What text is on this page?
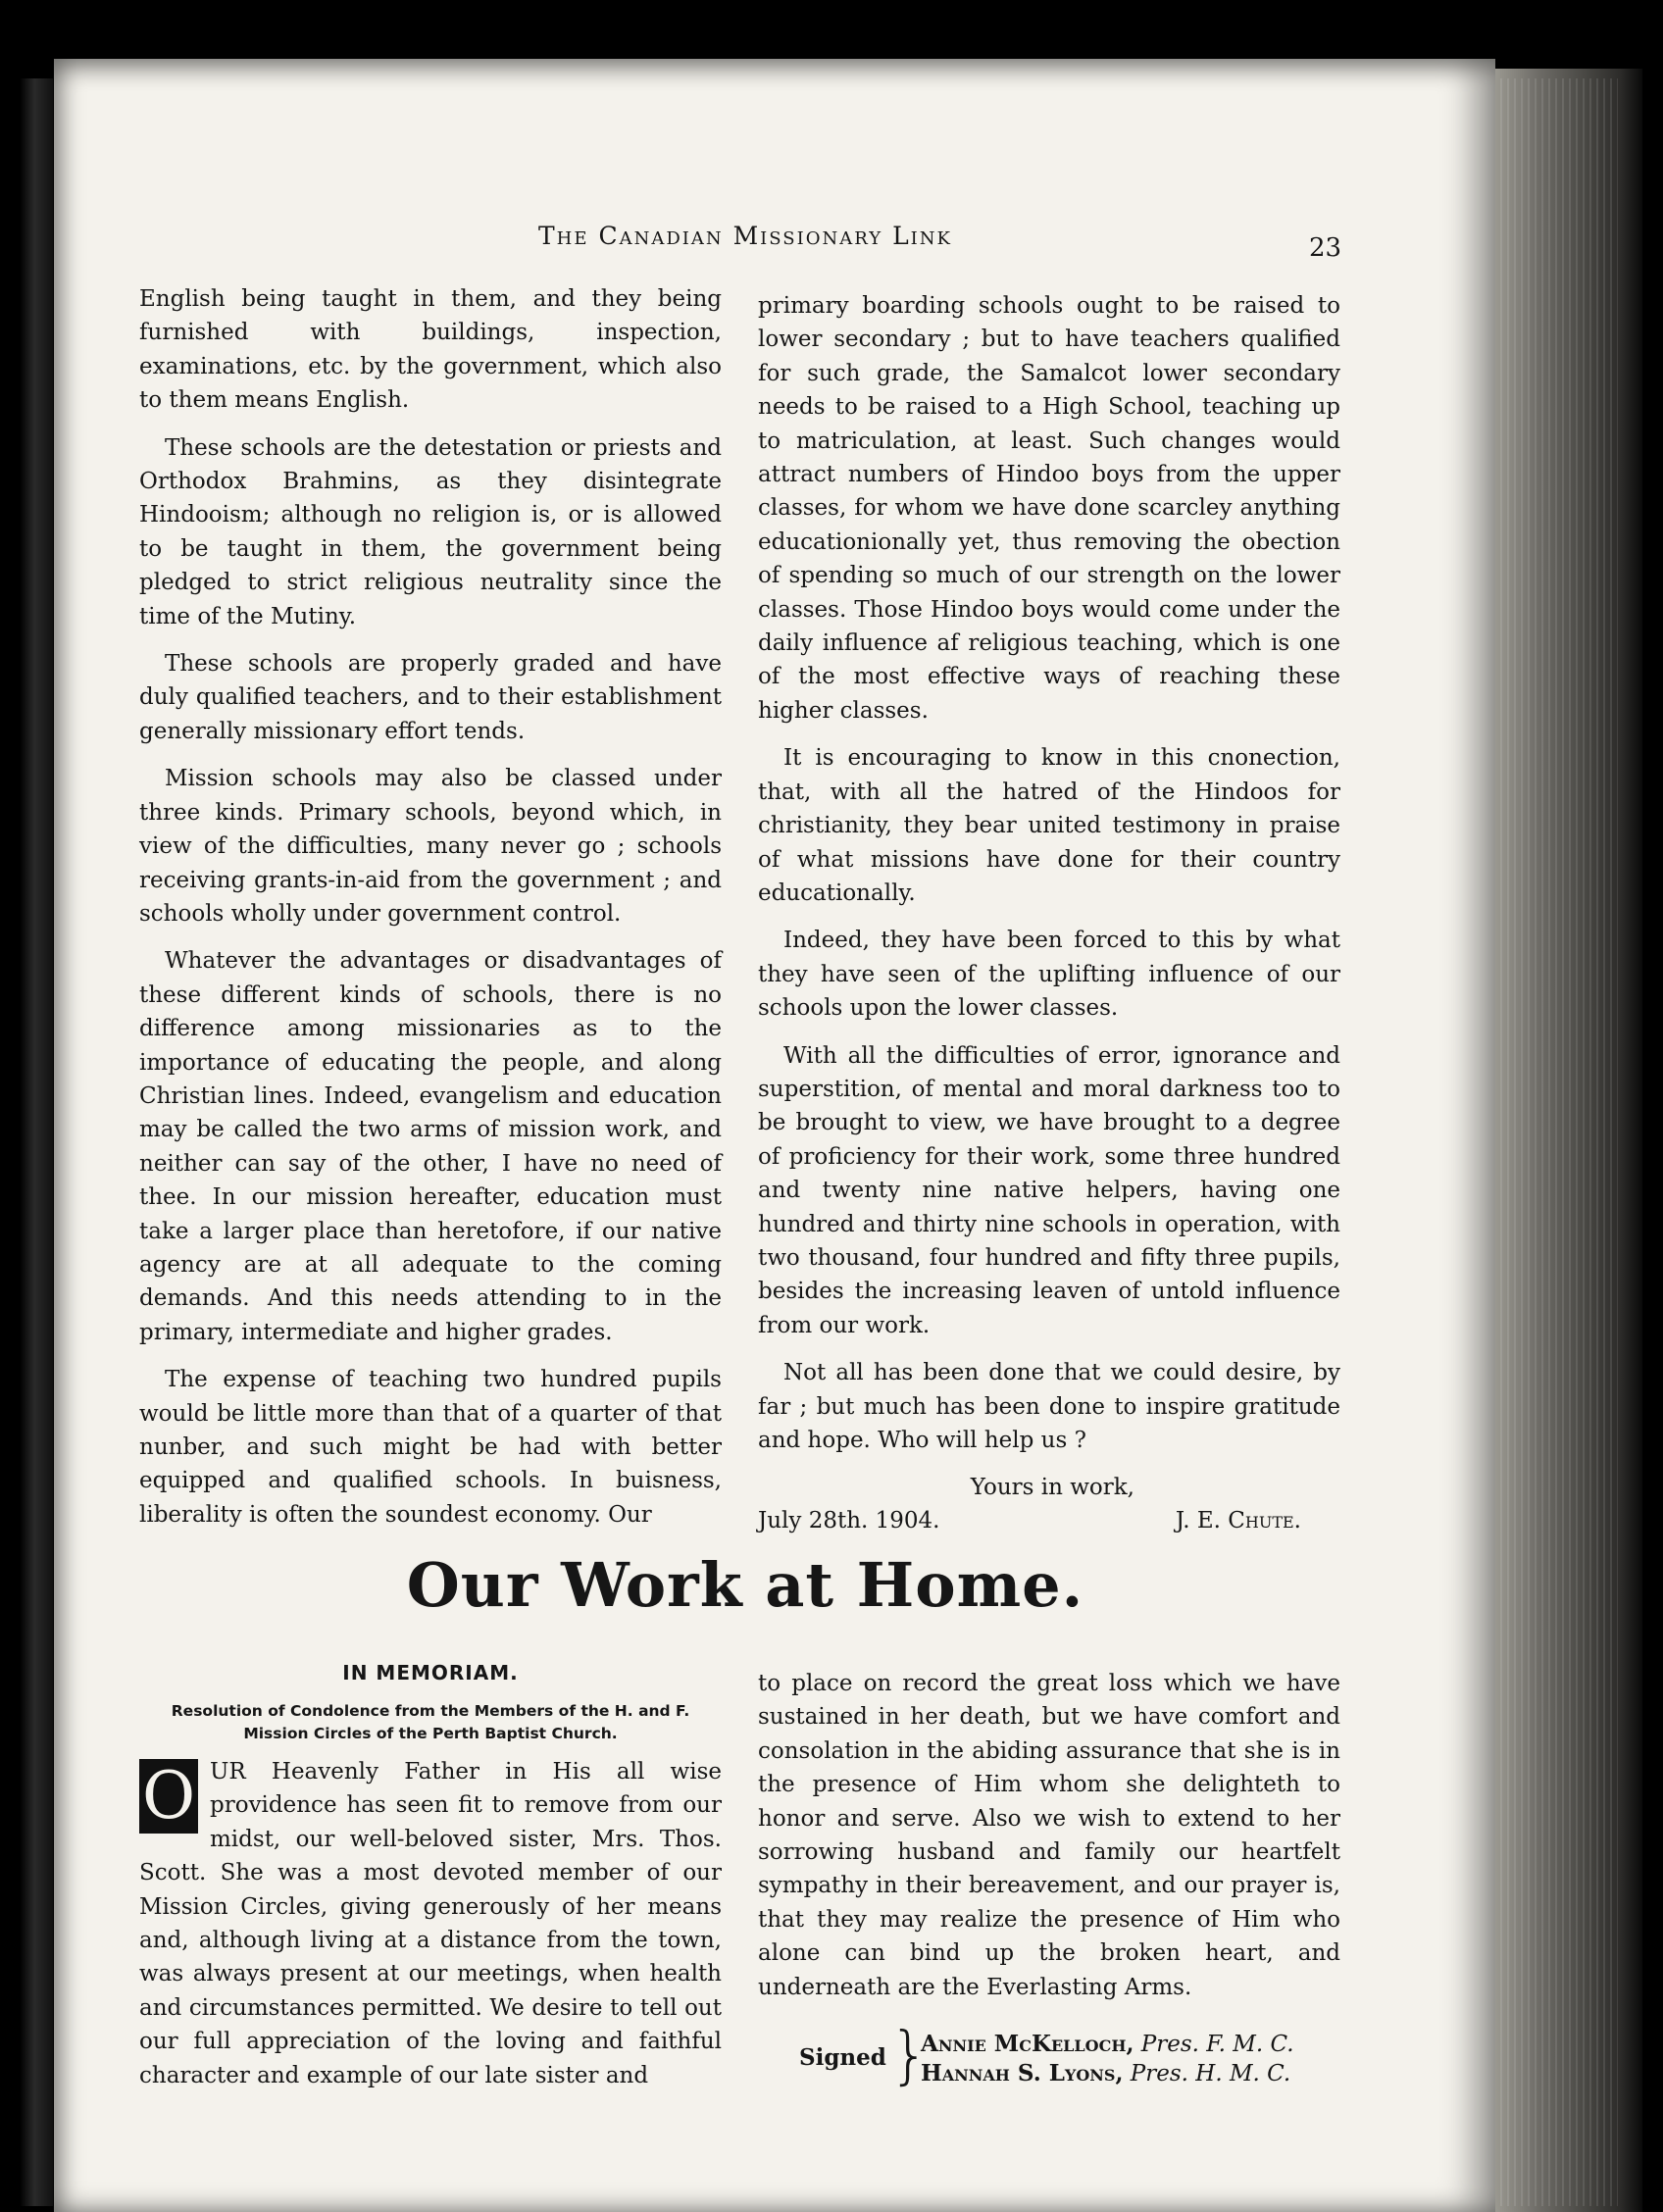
The Canadian Missionary Link	23

English being taught in them, and they being furnished with buildings, inspection, examinations, etc. by the government, which also to them means English.

These schools are the detestation or priests and Orthodox Brahmins, as they disintegrate Hindooism; although no religion is, or is allowed to be taught in them, the government being pledged to strict religious neutrality since the time of the Mutiny.

These schools are properly graded and have duly qualified teachers, and to their establishment generally missionary effort tends.

Mission schools may also be classed under three kinds. Primary schools, beyond which, in view of the difficulties, many never go ; schools receiving grants-in-aid from the government ; and schools wholly under government control.

Whatever the advantages or disadvantages of these different kinds of schools, there is no difference among missionaries as to the importance of educating the people, and along Christian lines. Indeed, evangelism and education may be called the two arms of mission work, and neither can say of the other, I have no need of thee. In our mission hereafter, education must take a larger place than heretofore, if our native agency are at all adequate to the coming demands. And this needs attending to in the primary, intermediate and higher grades.

The expense of teaching two hundred pupils would be little more than that of a quarter of that nunber, and such might be had with better equipped and qualified schools. In buisness, liberality is often the soundest economy. Our

primary boarding schools ought to be raised to lower secondary ; but to have teachers qualified for such grade, the Samalcot lower secondary needs to be raised to a High School, teaching up to matriculation, at least. Such changes would attract numbers of Hindoo boys from the upper classes, for whom we have done scarcley anything educationionally yet, thus removing the obection of spending so much of our strength on the lower classes. Those Hindoo boys would come under the daily influence af religious teaching, which is one of the most effective ways of reaching these higher classes.

It is encouraging to know in this cnonection, that, with all the hatred of the Hindoos for christianity, they bear united testimony in praise of what missions have done for their country educationally.

Indeed, they have been forced to this by what they have seen of the uplifting influence of our schools upon the lower classes.

With all the difficulties of error, ignorance and superstition, of mental and moral darkness too to be brought to view, we have brought to a degree of proficiency for their work, some three hundred and twenty nine native helpers, having one hundred and thirty nine schools in operation, with two thousand, four hundred and fifty three pupils, besides the increasing leaven of untold influence from our work.

Not all has been done that we could desire, by far ; but much has been done to inspire gratitude and hope. Who will help us ?

Yours in work,
July 28th. 1904.	J. E. Chute.
Our Work at Home.
IN MEMORIAM.
Resolution of Condolence from the Members of the H. and F. Mission Circles of the Perth Baptist Church.
O UR Heavenly Father in His all wise providence has seen fit to remove from our midst, our well-beloved sister, Mrs. Thos. Scott. She was a most devoted member of our Mission Circles, giving generously of her means and, although living at a distance from the town, was always present at our meetings, when health and circumstances permitted. We desire to tell out our full appreciation of the loving and faithful character and example of our late sister and

to place on record the great loss which we have sustained in her death, but we have comfort and consolation in the abiding assurance that she is in the presence of Him whom she delighteth to honor and serve. Also we wish to extend to her sorrowing husband and family our heartfelt sympathy in their bereavement, and our prayer is, that they may realize the presence of Him who alone can bind up the broken heart, and underneath are the Everlasting Arms.

Signed }
Annie McKelloch, Pres. F. M. C.
Hannah S. Lyons, Pres. H. M. C.
